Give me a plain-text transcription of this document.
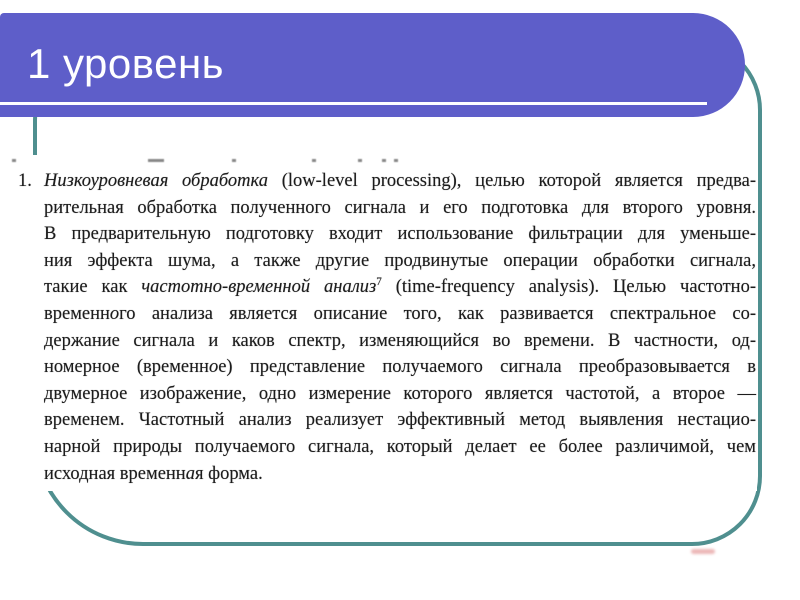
1 уровень
1. Низкоуровневая обработка (low-level processing), целью которой является предва-
рительная обработка полученного сигнала и его подготовка для второго уровня.
В предварительную подготовку входит использование фильтрации для уменьше-
ния эффекта шума, а также другие продвинутые операции обработки сигнала,
такие как частотно-временной анализ$^7$ (time-frequency analysis). Целью частотно-
временного анализа является описание того, как развивается спектральное со-
держание сигнала и каков спектр, изменяющийся во времени. В частности, од-
номерное (временное) представление получаемого сигнала преобразовывается в
двумерное изображение, одно измерение которого является частотой, а второе —
временем. Частотный анализ реализует эффективный метод выявления нестацио-
нарной природы получаемого сигнала, который делает ее более различимой, чем
исходная временная форма.
